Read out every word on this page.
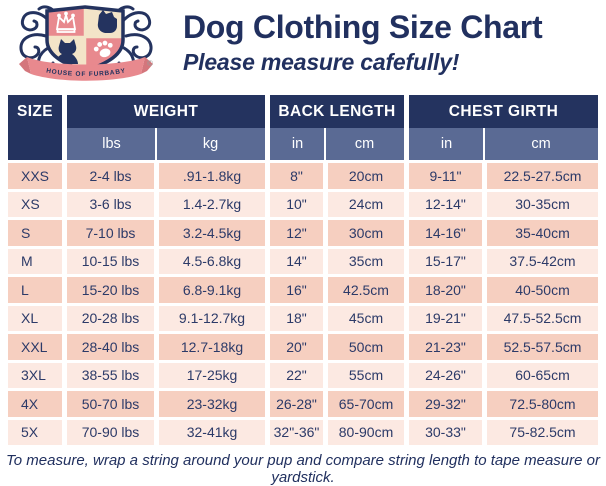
HOUSE OF FURBABY
©
Dog Clothing Size Chart
Please measure cafefully!
SIZE	WEIGHT	BACK LENGTH	CHEST GIRTH
lbs	kg	in	cm	in	cm
XXS	2-4 lbs	.91-1.8kg	8"	20cm	9-11"	22.5-27.5cm
XS	3-6 lbs	1.4-2.7kg	10"	24cm	12-14"	30-35cm
S	7-10 lbs	3.2-4.5kg	12"	30cm	14-16"	35-40cm
M	10-15 lbs	4.5-6.8kg	14"	35cm	15-17"	37.5-42cm
L	15-20 lbs	6.8-9.1kg	16"	42.5cm	18-20"	40-50cm
XL	20-28 lbs	9.1-12.7kg	18"	45cm	19-21"	47.5-52.5cm
XXL	28-40 lbs	12.7-18kg	20"	50cm	21-23"	52.5-57.5cm
3XL	38-55 lbs	17-25kg	22"	55cm	24-26"	60-65cm
4X	50-70 lbs	23-32kg	26-28"	65-70cm	29-32"	72.5-80cm
5X	70-90 lbs	32-41kg	32"-36"	80-90cm	30-33"	75-82.5cm
To measure, wrap a string around your pup and compare string length to tape measure or yardstick.
